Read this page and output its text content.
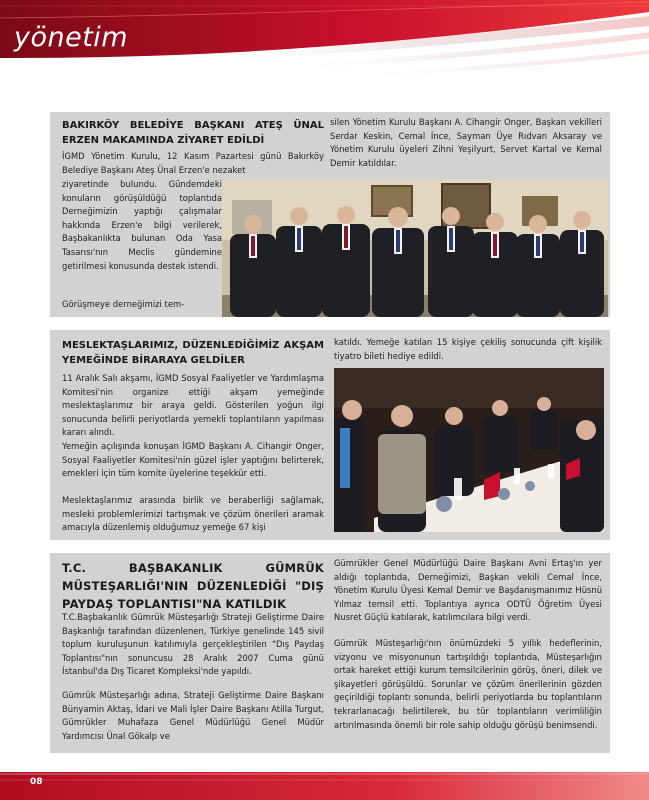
yönetim
BAKIRKÖY BELEDİYE BAŞKANI ATEŞ ÜNAL ERZEN MAKAMINDA ZİYARET EDİLDİ
İGMD Yönetim Kurulu, 12 Kasım Pazartesi günü Bakırköy Belediye Başkanı Ateş Ünal Erzen'e nezaket
ziyaretinde bulundu. Gündemdeki konuların görüşüldüğü toplantıda Derneğimizin yaptığı çalışmalar hakkında Erzen'e bilgi verilerek, Başbakanlıkta bulunan Oda Yasa Tasarısı'nın Meclis gündemine getirilmesi konusunda destek istendi.
Görüşmeye derneğimizi tem-
silen Yönetim Kurulu Başkanı A. Cihangir Onger, Başkan vekilleri Serdar Keskin, Cemal İnce, Sayman Üye Rıdvan Aksaray ve Yönetim Kurulu üyeleri Zihni Yeşilyurt, Servet Kartal ve Kemal Demir katıldılar.
MESLEKTAŞLARIMIZ, DÜZENLEDİĞİMİZ AKŞAM YEMEĞİNDE BİRARAYA GELDİLER
11 Aralık Salı akşamı, İGMD Sosyal Faaliyetler ve Yardımlaşma Komitesi'nin organize ettiği akşam yemeğinde meslektaşlarımız bir araya geldi. Gösterilen yoğun ilgi sonucunda belirli periyotlarda yemekli toplantıların yapılması kararı alındı.
Yemeğin açılışında konuşan İGMD Başkanı A. Cihangir Onger, Sosyal Faaliyetler Komitesi'nin güzel işler yaptığını belirterek, emekleri için tüm komite üyelerine teşekkür etti.
Meslektaşlarımız arasında birlik ve beraberliği sağlamak, mesleki problemlerimizi tartışmak ve çözüm önerileri aramak amacıyla düzenlemiş olduğumuz yemeğe 67 kişi
katıldı. Yemeğe katılan 15 kişiye çekiliş sonucunda çift kişilik tiyatro bileti hediye edildi.
T.C. BAŞBAKANLIK GÜMRÜK MÜSTEŞARLIĞI'NIN DÜZENLEDİĞİ "DIŞ PAYDAŞ TOPLANTISI"NA KATILDIK
T.C.Başbakanlık Gümrük Müsteşarlığı Strateji Geliştirme Daire Başkanlığı tarafından düzenlenen, Türkiye genelinde 145 sivil toplum kuruluşunun katılımıyla gerçekleştirilen "Dış Paydaş Toplantısı"nın sonuncusu 28 Aralık 2007 Cuma günü İstanbul'da Dış Ticaret Kompleksi'nde yapıldı.
Gümrük Müsteşarlığı adına, Strateji Geliştirme Daire Başkanı Bünyamin Aktaş, İdari ve Mali İşler Daire Başkanı Atilla Turgut, Gümrükler Muhafaza Genel Müdürlüğü Genel Müdür Yardımcısı Ünal Gökalp ve
Gümrükler Genel Müdürlüğü Daire Başkanı Avni Ertaş'ın yer aldığı toplantıda, Derneğimizi, Başkan vekili Cemal İnce, Yönetim Kurulu Üyesi Kemal Demir ve Başdanışmanımız Hüsnü Yılmaz temsil etti. Toplantıya ayrıca ODTÜ Öğretim Üyesi Nusret Güçlü katılarak, katılımcılara bilgi verdi.
Gümrük Müsteşarlığı'nın önümüzdeki 5 yıllık hedeflerinin, vizyonu ve misyonunun tartışıldığı toplantıda, Müsteşarlığın ortak hareket ettiği kurum temsilcilerinin görüş, öneri, dilek ve şikayetleri görüşüldü. Sorunlar ve çözüm önerilerinin gözden geçirildiği toplantı sonunda, belirli periyotlarda bu toplantıların tekrarlanacağı belirtilerek, bu tür toplantıların verimliliğin artırılmasında önemli bir role sahip olduğu görüşü benimsendi.
08
